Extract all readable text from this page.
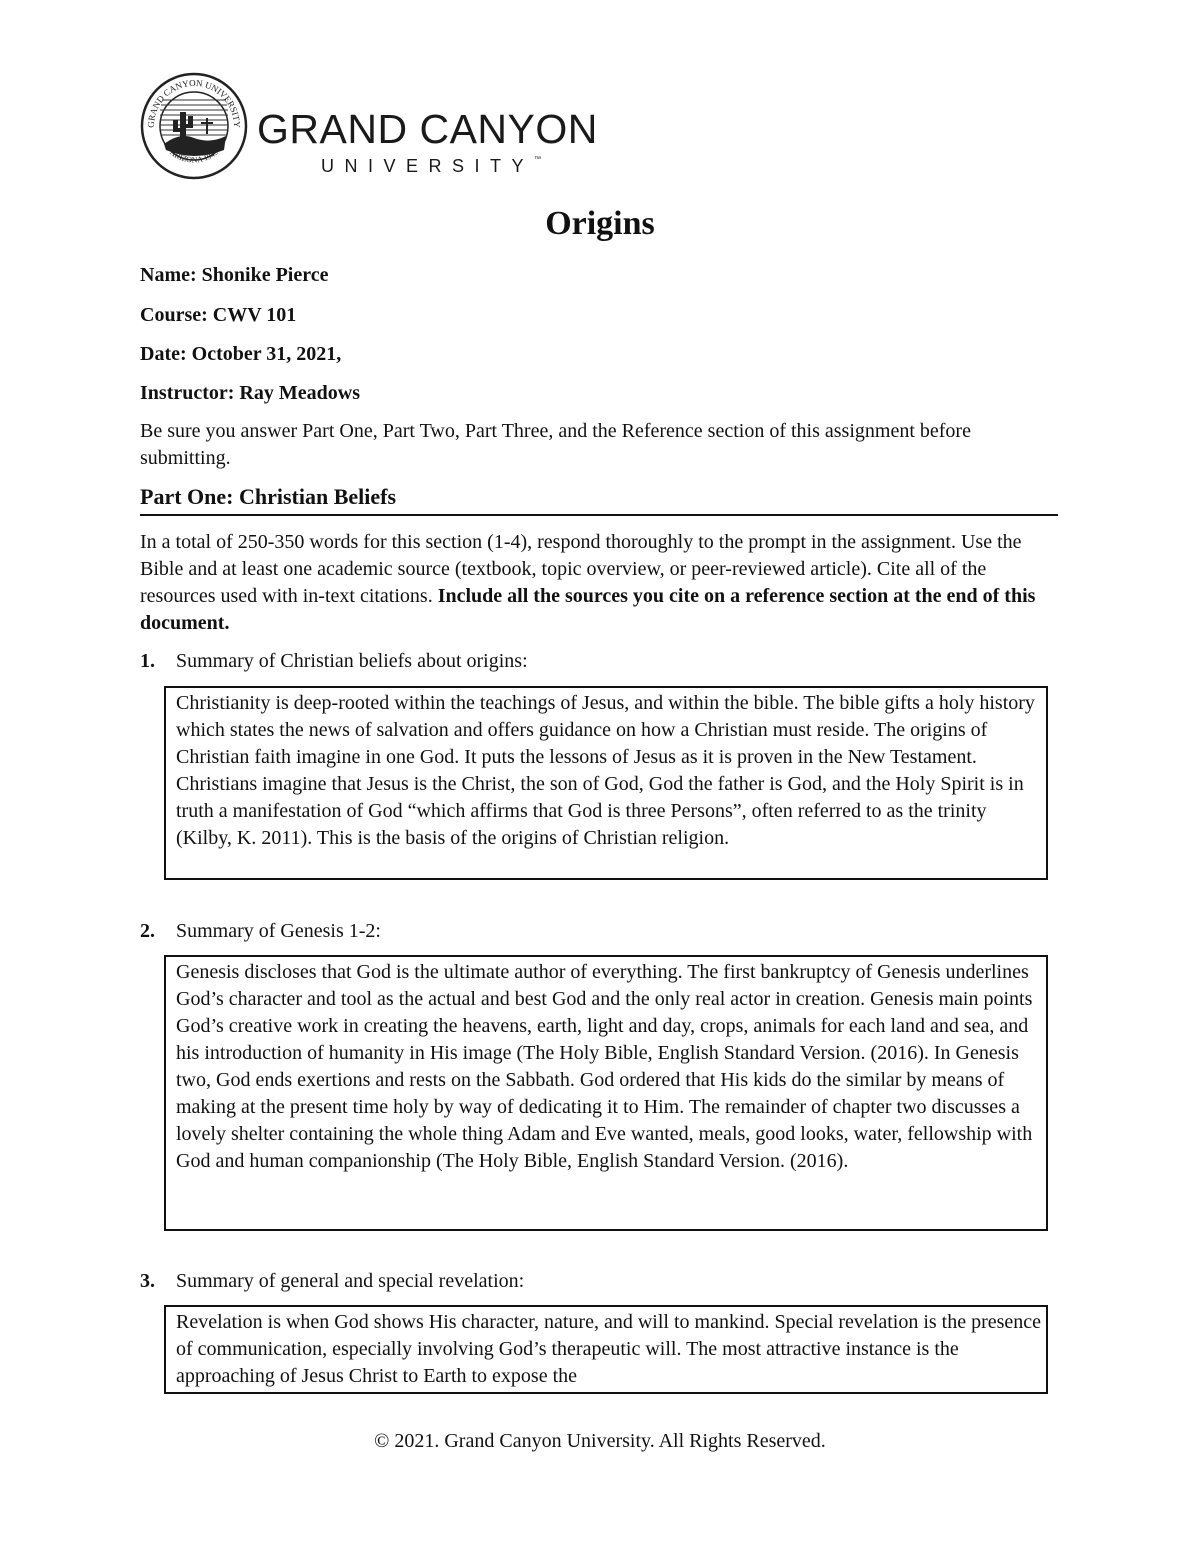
GRAND CANYON UNIVERSITY
ARIZONA 1949
GRAND CANYON
UNIVERSITY™
Origins
Name: Shonike Pierce
Course: CWV 101
Date: October 31, 2021,
Instructor: Ray Meadows

Be sure you answer Part One, Part Two, Part Three, and the Reference section of this assignment before submitting.

Part One: Christian Beliefs

In a total of 250-350 words for this section (1-4), respond thoroughly to the prompt in the assignment. Use the Bible and at least one academic source (textbook, topic overview, or peer-reviewed article). Cite all of the resources used with in-text citations. Include all the sources you cite on a reference section at the end of this document.

1. Summary of Christian beliefs about origins:
Christianity is deep-rooted within the teachings of Jesus, and within the bible. The bible gifts a holy history which states the news of salvation and offers guidance on how a Christian must reside. The origins of Christian faith imagine in one God. It puts the lessons of Jesus as it is proven in the New Testament. Christians imagine that Jesus is the Christ, the son of God, God the father is God, and the Holy Spirit is in truth a manifestation of God “which affirms that God is three Persons”, often referred to as the trinity (Kilby, K. 2011). This is the basis of the origins of Christian religion.
2. Summary of Genesis 1-2:
Genesis discloses that God is the ultimate author of everything. The first bankruptcy of Genesis underlines God’s character and tool as the actual and best God and the only real actor in creation. Genesis main points God’s creative work in creating the heavens, earth, light and day, crops, animals for each land and sea, and his introduction of humanity in His image (The Holy Bible, English Standard Version. (2016). In Genesis two, God ends exertions and rests on the Sabbath. God ordered that His kids do the similar by means of making at the present time holy by way of dedicating it to Him. The remainder of chapter two discusses a lovely shelter containing the whole thing Adam and Eve wanted, meals, good looks, water, fellowship with God and human companionship (The Holy Bible, English Standard Version. (2016).
3. Summary of general and special revelation:
Revelation is when God shows His character, nature, and will to mankind. Special revelation is the presence of communication, especially involving God’s therapeutic will. The most attractive instance is the approaching of Jesus Christ to Earth to expose the
© 2021. Grand Canyon University. All Rights Reserved.
